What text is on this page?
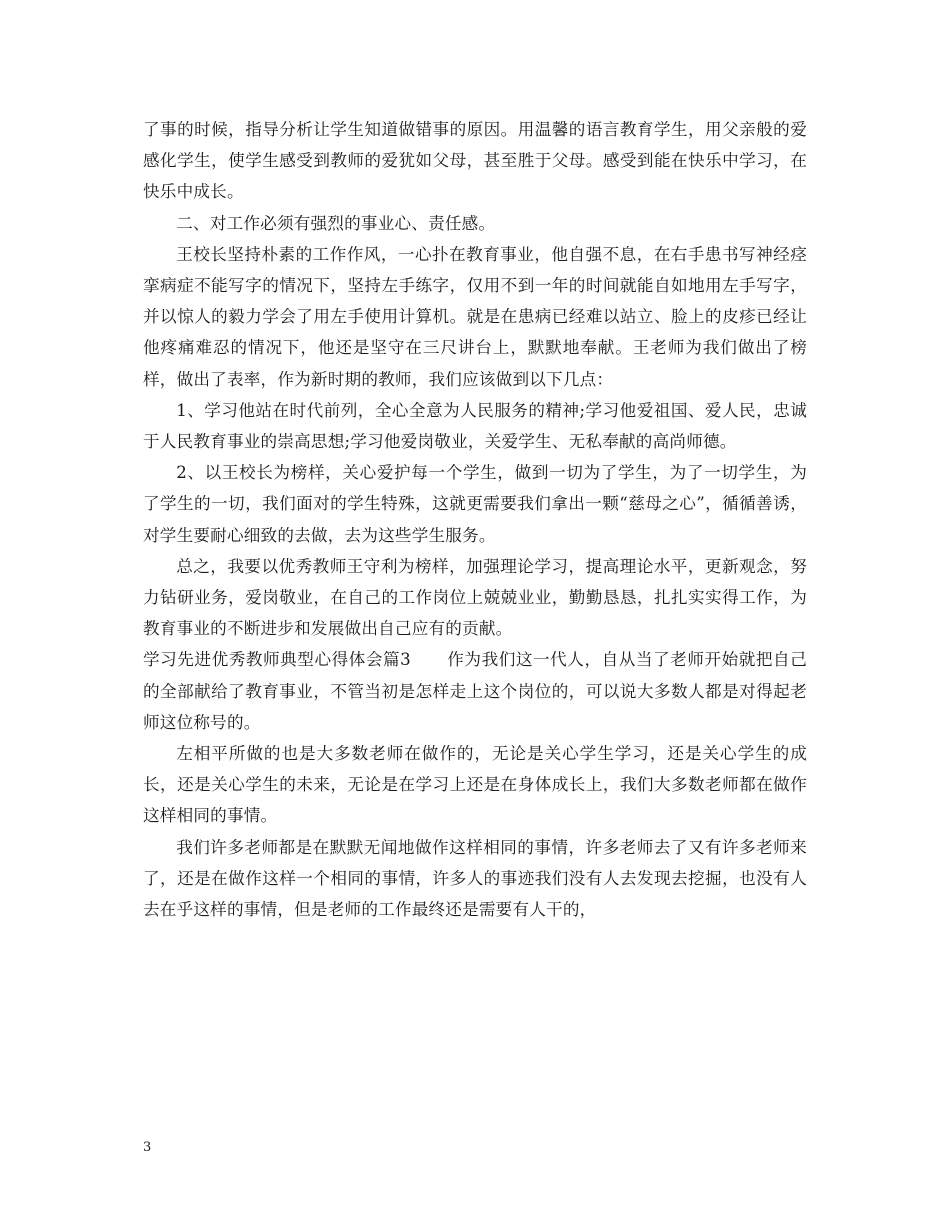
了事的时候，指导分析让学生知道做错事的原因。用温馨的语言教育学生，用父亲般的爱感化学生，使学生感受到教师的爱犹如父母，甚至胜于父母。感受到能在快乐中学习，在快乐中成长。

二、对工作必须有强烈的事业心、责任感。

王校长坚持朴素的工作作风，一心扑在教育事业，他自强不息，在右手患书写神经痉挛病症不能写字的情况下，坚持左手练字，仅用不到一年的时间就能自如地用左手写字，并以惊人的毅力学会了用左手使用计算机。就是在患病已经难以站立、脸上的皮疹已经让他疼痛难忍的情况下，他还是坚守在三尺讲台上，默默地奉献。王老师为我们做出了榜样，做出了表率，作为新时期的教师，我们应该做到以下几点：

1、学习他站在时代前列，全心全意为人民服务的精神;学习他爱祖国、爱人民，忠诚于人民教育事业的崇高思想;学习他爱岗敬业，关爱学生、无私奉献的高尚师德。

2、以王校长为榜样，关心爱护每一个学生，做到一切为了学生，为了一切学生，为了学生的一切，我们面对的学生特殊，这就更需要我们拿出一颗“慈母之心”，循循善诱，对学生要耐心细致的去做，去为这些学生服务。

总之，我要以优秀教师王守利为榜样，加强理论学习，提高理论水平，更新观念，努力钻研业务，爱岗敬业，在自己的工作岗位上兢兢业业，勤勤恳恳，扎扎实实得工作，为教育事业的不断进步和发展做出自己应有的贡献。

学习先进优秀教师典型心得体会篇3 作为我们这一代人，自从当了老师开始就把自己的全部献给了教育事业，不管当初是怎样走上这个岗位的，可以说大多数人都是对得起老师这位称号的。

左相平所做的也是大多数老师在做作的，无论是关心学生学习，还是关心学生的成长，还是关心学生的未来，无论是在学习上还是在身体成长上，我们大多数老师都在做作这样相同的事情。

我们许多老师都是在默默无闻地做作这样相同的事情，许多老师去了又有许多老师来了，还是在做作这样一个相同的事情，许多人的事迹我们没有人去发现去挖掘，也没有人去在乎这样的事情，但是老师的工作最终还是需要有人干的，

3
